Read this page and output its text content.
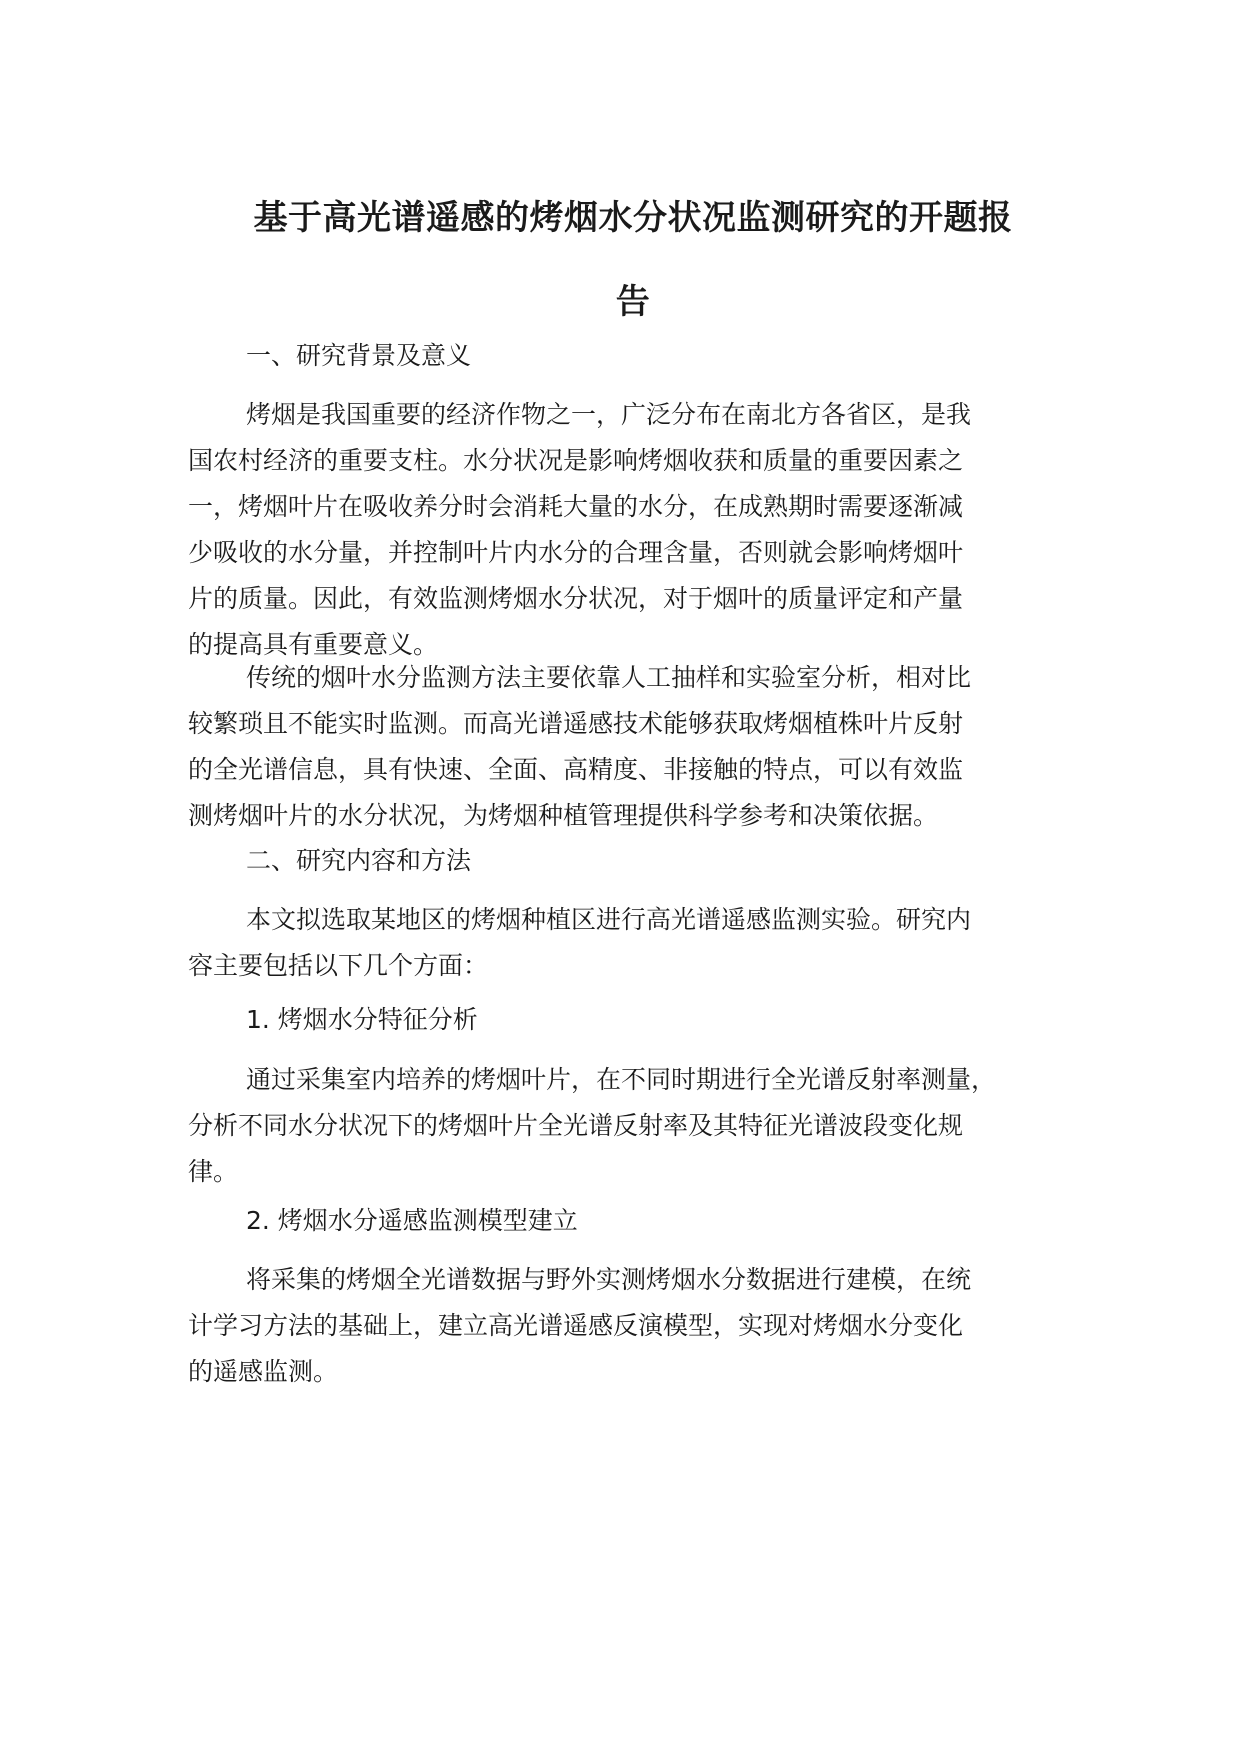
基于高光谱遥感的烤烟水分状况监测研究的开题报
告
一、研究背景及意义
烤烟是我国重要的经济作物之一，广泛分布在南北方各省区，是我
国农村经济的重要支柱。水分状况是影响烤烟收获和质量的重要因素之
一，烤烟叶片在吸收养分时会消耗大量的水分，在成熟期时需要逐渐减
少吸收的水分量，并控制叶片内水分的合理含量，否则就会影响烤烟叶
片的质量。因此，有效监测烤烟水分状况，对于烟叶的质量评定和产量
的提高具有重要意义。
传统的烟叶水分监测方法主要依靠人工抽样和实验室分析，相对比
较繁琐且不能实时监测。而高光谱遥感技术能够获取烤烟植株叶片反射
的全光谱信息，具有快速、全面、高精度、非接触的特点，可以有效监
测烤烟叶片的水分状况，为烤烟种植管理提供科学参考和决策依据。
二、研究内容和方法
本文拟选取某地区的烤烟种植区进行高光谱遥感监测实验。研究内
容主要包括以下几个方面：
1. 烤烟水分特征分析
通过采集室内培养的烤烟叶片，在不同时期进行全光谱反射率测量，
分析不同水分状况下的烤烟叶片全光谱反射率及其特征光谱波段变化规
律。
2. 烤烟水分遥感监测模型建立
将采集的烤烟全光谱数据与野外实测烤烟水分数据进行建模，在统
计学习方法的基础上，建立高光谱遥感反演模型，实现对烤烟水分变化
的遥感监测。
